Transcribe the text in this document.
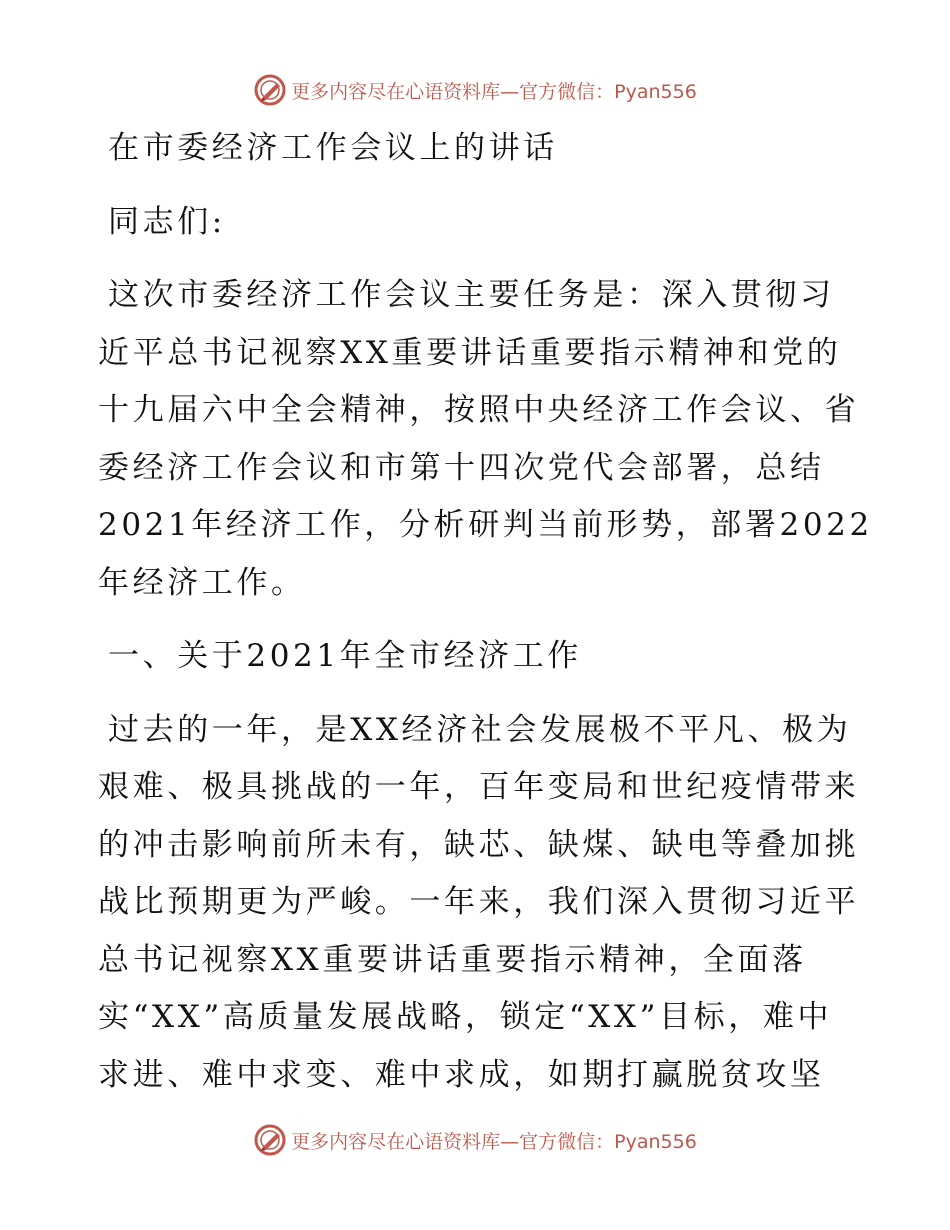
更多内容尽在心语资料库—官方微信：Pyan556
在市委经济工作会议上的讲话
同志们:
这次市委经济工作会议主要任务是：深入贯彻习
近平总书记视察XX重要讲话重要指示精神和党的
十九届六中全会精神，按照中央经济工作会议、省
委经济工作会议和市第十四次党代会部署，总结
2021年经济工作，分析研判当前形势，部署2022
年经济工作。
一、关于2021年全市经济工作
过去的一年，是XX经济社会发展极不平凡、极为
艰难、极具挑战的一年，百年变局和世纪疫情带来
的冲击影响前所未有，缺芯、缺煤、缺电等叠加挑
战比预期更为严峻。一年来，我们深入贯彻习近平
总书记视察XX重要讲话重要指示精神，全面落
实“XX”高质量发展战略，锁定“XX”目标，难中
求进、难中求变、难中求成，如期打赢脱贫攻坚
更多内容尽在心语资料库—官方微信：Pyan556
